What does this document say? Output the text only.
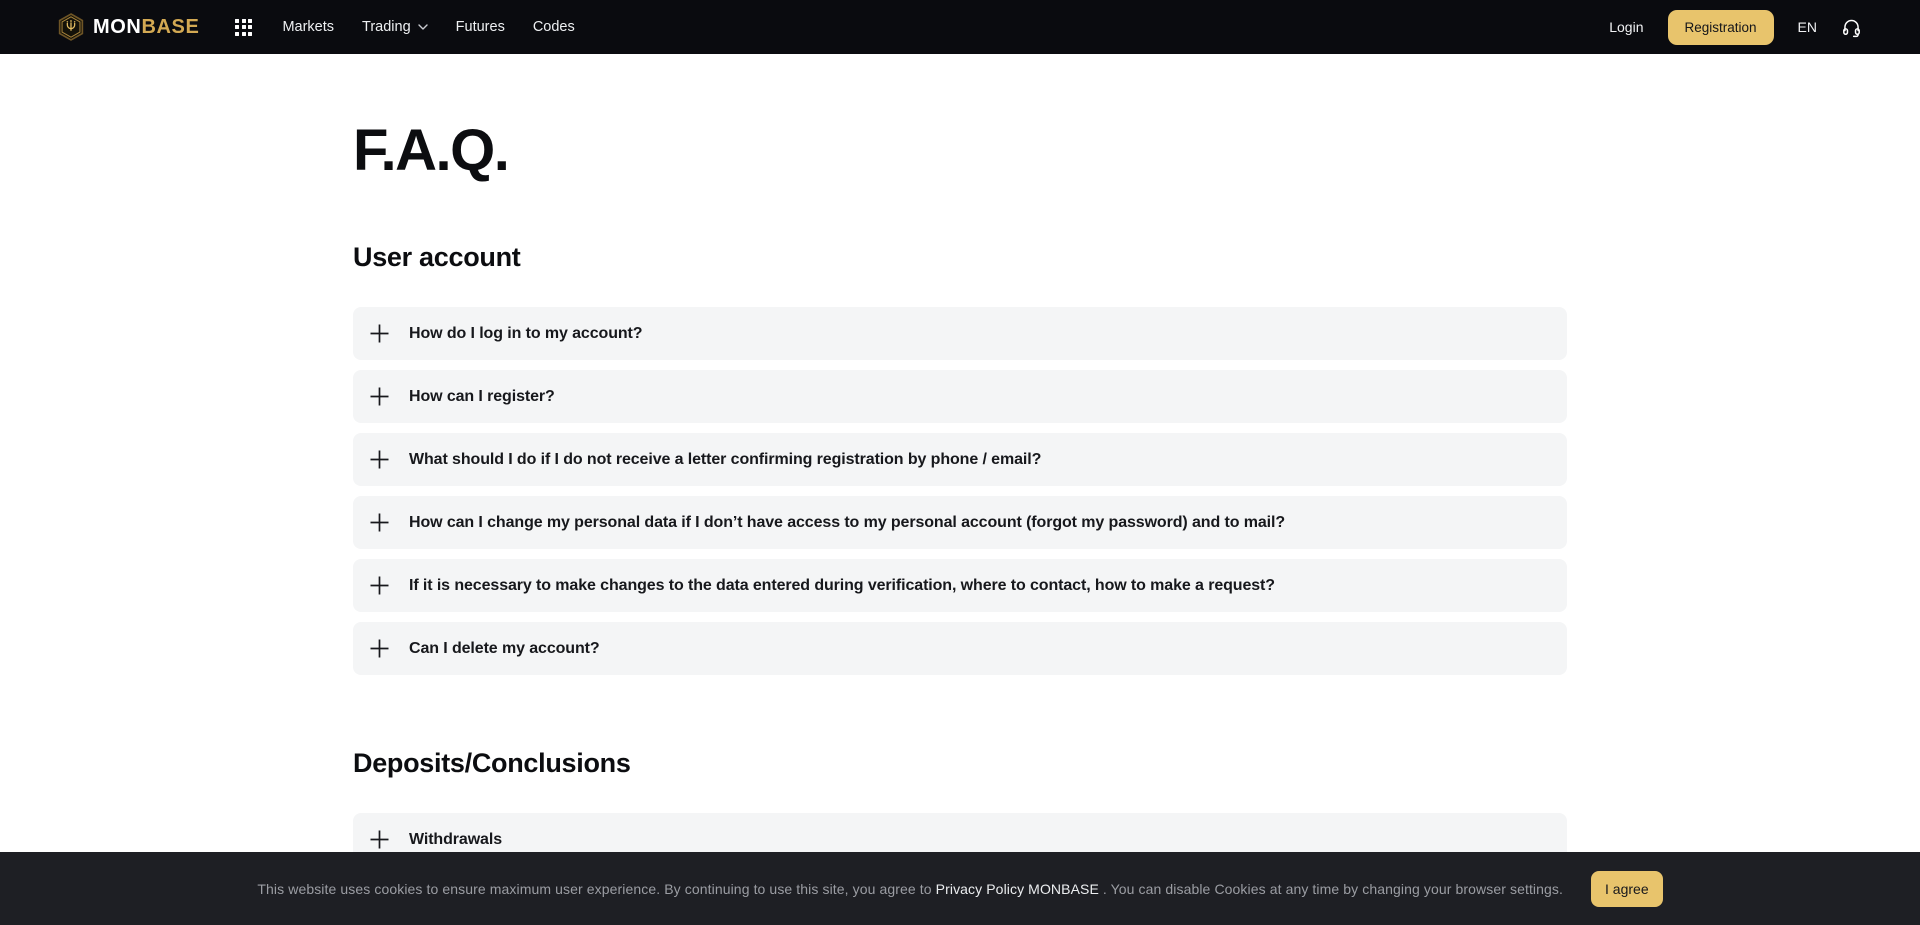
MONBASE	Markets Trading	Futures Codes	Login	Registration	EN
F.A.Q.
User account
How do I log in to my account?
How can I register?
What should I do if I do not receive a letter confirming registration by phone / email?
How can I change my personal data if I don’t have access to my personal account (forgot my password) and to mail?
If it is necessary to make changes to the data entered during verification, where to contact, how to make a request?
Can I delete my account?
Deposits/Conclusions
Withdrawals
This website uses cookies to ensure maximum user experience. By continuing to use this site, you agree to Privacy Policy MONBASE . You can disable Cookies at any time by changing your browser settings.	I agree
